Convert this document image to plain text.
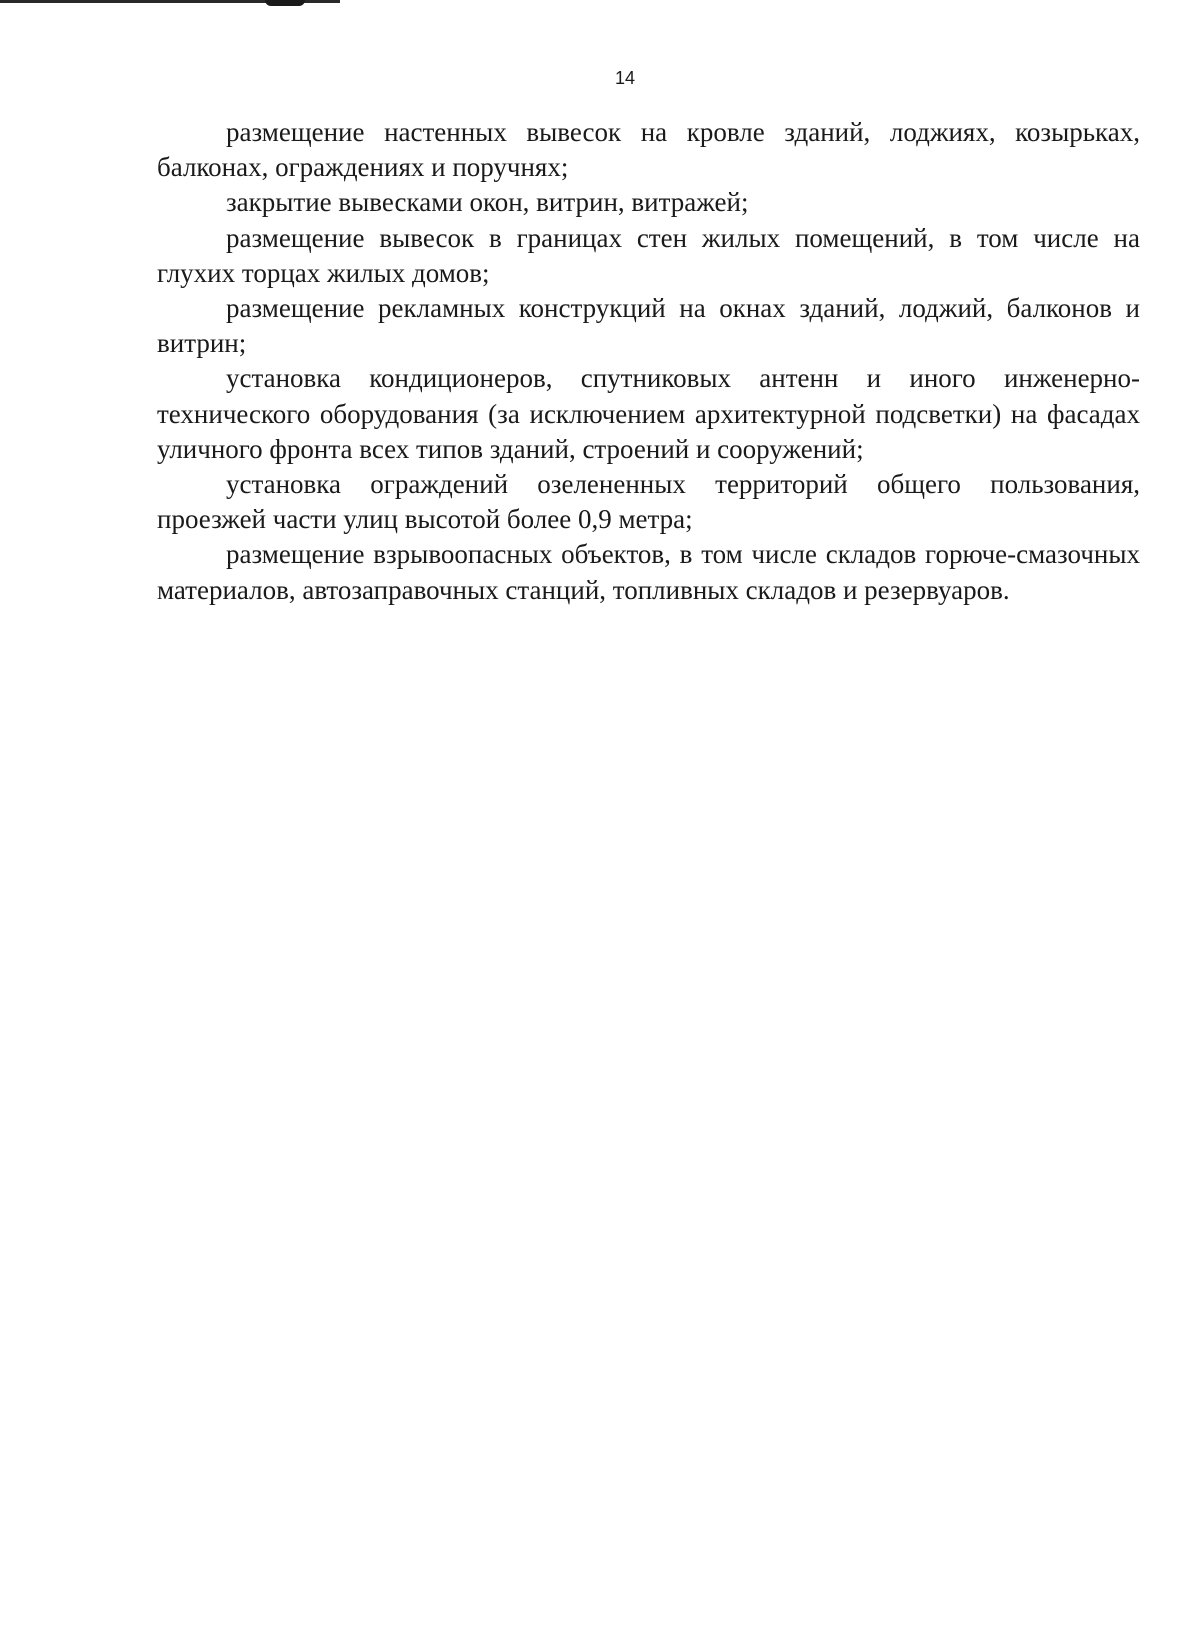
14

размещение настенных вывесок на кровле зданий, лоджиях, козырьках, балконах, ограждениях и поручнях;

закрытие вывесками окон, витрин, витражей;

размещение вывесок в границах стен жилых помещений, в том числе на глухих торцах жилых домов;

размещение рекламных конструкций на окнах зданий, лоджий, балконов и витрин;

установка кондиционеров, спутниковых антенн и иного инженерно-технического оборудования (за исключением архитектурной подсветки) на фасадах уличного фронта всех типов зданий, строений и сооружений;

установка ограждений озелененных территорий общего пользования, проезжей части улиц высотой более 0,9 метра;

размещение взрывоопасных объектов, в том числе складов горюче-смазочных материалов, автозаправочных станций, топливных складов и резервуаров.
